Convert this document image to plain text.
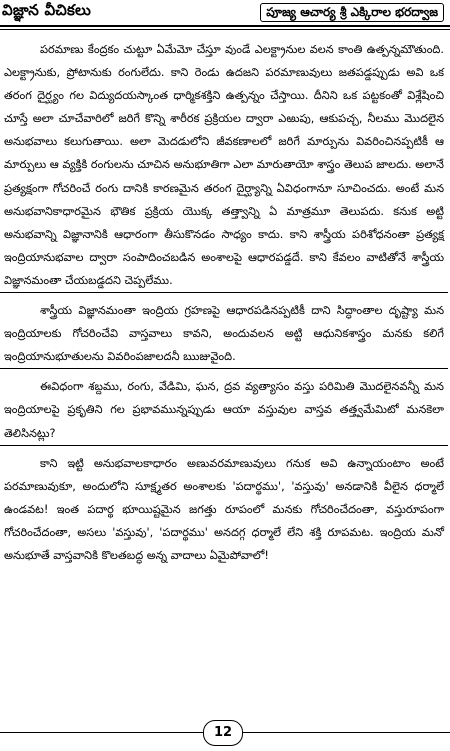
విజ్ఞాన వీచికలు	పూజ్య ఆచార్య శ్రీ ఎక్కిరాల భరద్వాజ

పరమాణు కేంద్రకం చుట్టూ ఏమేమో చేస్తూ వుండే ఎలక్ట్రానుల వలన కాంతి ఉత్పన్నమౌతుంది. ఎలక్ట్రానుకు, ప్రోటానుకు రంగులేదు. కాని రెండు ఉదజని పరమాణువులు జతపడ్డప్పుడు అవి ఒక తరంగ దైర్ఘ్యం గల విద్యుదయస్కాంత ధార్మికశక్తిని ఉత్పన్నం చేస్తాయి. దీనిని ఒక పట్టకంతో విశ్లేషించి చూస్తే అలా చూచేవారిలో జరిగే కొన్ని శారీరక ప్రక్రియల ద్వారా ఎఱుపు, ఆకుపచ్చ, నీలము మొదలైన అనుభవాలు కలుగుతాయి. అలా మెదడులోని జీవకణాలలో జరిగే మార్పును వివరించినప్పటికీ ఆ మార్పులు ఆ వ్యక్తికి రంగులను చూచిన అనుభూతిగా ఎలా మారుతాయో శాస్త్రం తెలుప జాలదు. అలానే ప్రత్యక్షంగా గోచరించే రంగు దానికి కారణమైన తరంగ దైర్ఘ్యాన్ని ఏవిధంగానూ సూచించదు. అంటే మన అనుభవానికాధారమైన భౌతిక ప్రక్రియ యొక్క తత్త్వాన్ని ఏ మాత్రమూ తెలుపదు. కనుక అట్టి అనుభవాన్ని విజ్ఞానానికి ఆధారంగా తీసుకొనడం సాధ్యం కాదు. కాని శాస్త్రీయ పరిశోధనంతా ప్రత్యక్ష ఇంద్రియానుభవాల ద్వారా సంపాదించబడిన అంశాలపై ఆధారపడ్డదే. కాని కేవలం వాటితోనే శాస్త్రీయ విజ్ఞానమంతా చేయబడ్డదని చెప్పలేము.

శాస్త్రీయ విజ్ఞానమంతా ఇంద్రియ గ్రహణపై ఆధారపడినప్పటికీ దాని సిద్ధాంతాల దృష్ట్యా మన ఇంద్రియాలకు గోచరించేవి వాస్తవాలు కావని, అందువలన అట్టి ఆధునికశాస్త్రం మనకు కలిగే ఇంద్రియానుభూతులను వివరింపజాలదనీ ఋజువైంది.

ఈవిధంగా శబ్దము, రంగు, వేడిమి, ఘన, ద్రవ వ్యత్యాసం వస్తు పరిమితి మొదలైనవన్నీ మన ఇంద్రియాలపై ప్రకృతిని గల ప్రభావమున్నప్పుడు ఆయా వస్తువుల వాస్తవ తత్త్వమేమిటో మనకెలా తెలిసినట్లు?

కాని ఇట్టి అనుభవాలకాధారం అణువరమాణువులు గనుక అవి ఉన్నాయంటాం అంటే పరమాణువుకూ, అందులోని సూక్ష్మతర అంశాలకు 'పదార్థము', 'వస్తువు' అనడానికి వీలైన ధర్మాలే ఉండవట! ఇంత పదార్థ భూయిష్టమైన జగత్తు రూపంలో మనకు గోచరించేదంతా, వస్తురూపంగా గోచరించేదంతా, అసలు 'వస్తువు', 'పదార్థము' అనదగ్గ ధర్మాలే లేని శక్తి రూపమట. ఇంద్రియ మనో అనుభూతే వాస్తవానికి కొలతబద్ధ అన్న వాదాలు ఏమైపోవాలో!

12
